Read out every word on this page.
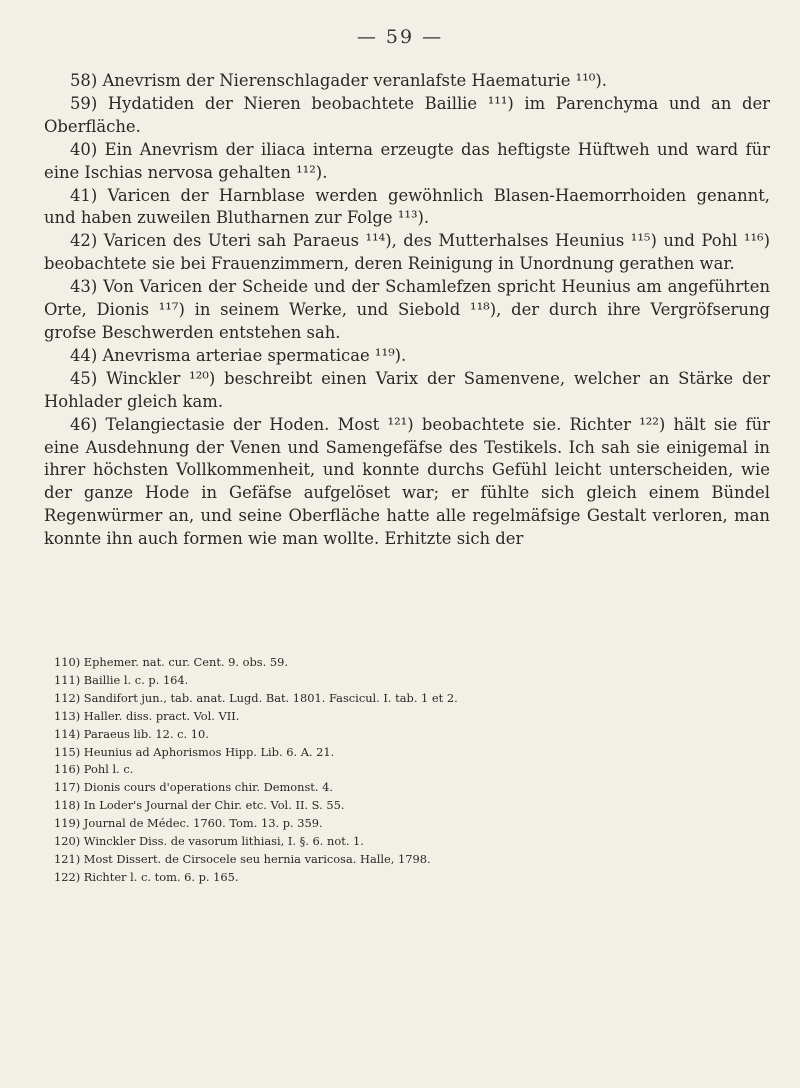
— 59 —

58) Anevrism der Nierenschlagader veranlafste Haematurie ¹¹⁰).

59) Hydatiden der Nieren beobachtete Baillie ¹¹¹) im Parenchyma und an der Oberfläche.

40) Ein Anevrism der iliaca interna erzeugte das heftigste Hüftweh und ward für eine Ischias nervosa gehalten ¹¹²).

41) Varicen der Harnblase werden gewöhnlich Blasen-Haemorrhoiden genannt, und haben zuweilen Blutharnen zur Folge ¹¹³).

42) Varicen des Uteri sah Paraeus ¹¹⁴), des Mutterhalses Heunius ¹¹⁵) und Pohl ¹¹⁶) beobachtete sie bei Frauenzimmern, deren Reinigung in Unordnung gerathen war.

43) Von Varicen der Scheide und der Schamlefzen spricht Heunius am angeführten Orte, Dionis ¹¹⁷) in seinem Werke, und Siebold ¹¹⁸), der durch ihre Vergröfserung grofse Beschwerden entstehen sah.

44) Anevrisma arteriae spermaticae ¹¹⁹).

45) Winckler ¹²⁰) beschreibt einen Varix der Samenvene, welcher an Stärke der Hohlader gleich kam.

46) Telangiectasie der Hoden. Most ¹²¹) beobachtete sie. Richter ¹²²) hält sie für eine Ausdehnung der Venen und Samengefäfse des Testikels. Ich sah sie einigemal in ihrer höchsten Vollkommenheit, und konnte durchs Gefühl leicht unterscheiden, wie der ganze Hode in Gefäfse aufgelöset war; er fühlte sich gleich einem Bündel Regenwürmer an, und seine Oberfläche hatte alle regelmäfsige Gestalt verloren, man konnte ihn auch formen wie man wollte. Erhitzte sich der

110) Ephemer. nat. cur. Cent. 9. obs. 59.
111) Baillie l. c. p. 164.
112) Sandifort jun., tab. anat. Lugd. Bat. 1801. Fascicul. I. tab. 1 et 2.
113) Haller. diss. pract. Vol. VII.
114) Paraeus lib. 12. c. 10.
115) Heunius ad Aphorismos Hipp. Lib. 6. A. 21.
116) Pohl l. c.
117) Dionis cours d'operations chir. Demonst. 4.
118) In Loder's Journal der Chir. etc. Vol. II. S. 55.
119) Journal de Médec. 1760. Tom. 13. p. 359.
120) Winckler Diss. de vasorum lithiasi, I. §. 6. not. 1.
121) Most Dissert. de Cirsocele seu hernia varicosa. Halle, 1798.
122) Richter l. c. tom. 6. p. 165.
